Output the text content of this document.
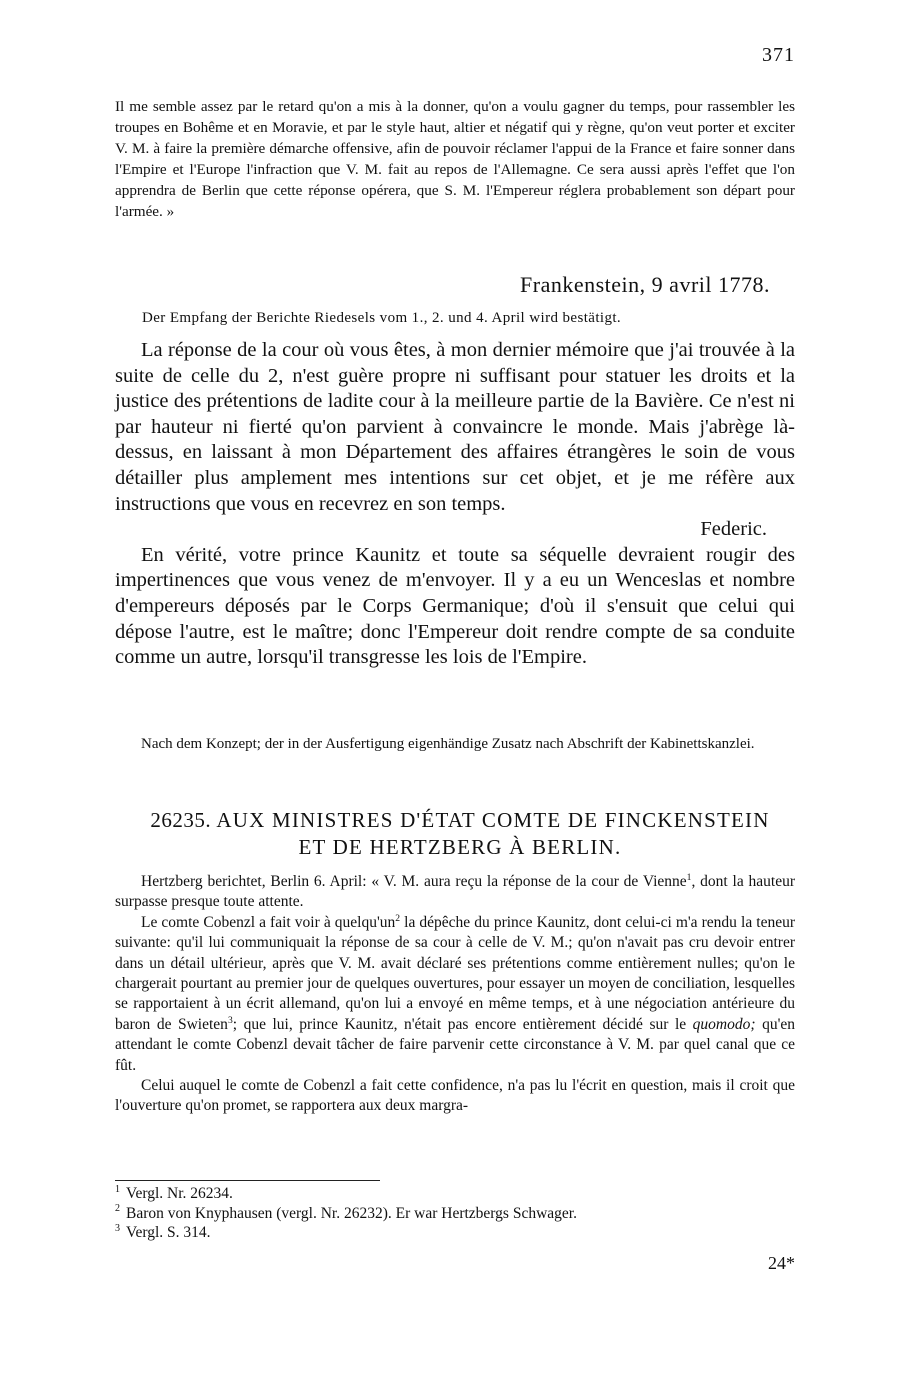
371
Il me semble assez par le retard qu'on a mis à la donner, qu'on a voulu gagner du temps, pour rassembler les troupes en Bohême et en Moravie, et par le style haut, altier et négatif qui y règne, qu'on veut porter et exciter V. M. à faire la première démarche offensive, afin de pouvoir réclamer l'appui de la France et faire sonner dans l'Empire et l'Europe l'infraction que V. M. fait au repos de l'Allemagne. Ce sera aussi après l'effet que l'on apprendra de Berlin que cette réponse opérera, que S. M. l'Empereur réglera probablement son départ pour l'armée. »
Frankenstein, 9 avril 1778.
Der Empfang der Berichte Riedesels vom 1., 2. und 4. April wird bestätigt.

La réponse de la cour où vous êtes, à mon dernier mémoire que j'ai trouvée à la suite de celle du 2, n'est guère propre ni suffisant pour statuer les droits et la justice des prétentions de ladite cour à la meilleure partie de la Bavière. Ce n'est ni par hauteur ni fierté qu'on parvient à convaincre le monde. Mais j'abrège là-dessus, en laissant à mon Département des affaires étrangères le soin de vous détailler plus amplement mes intentions sur cet objet, et je me réfère aux instructions que vous en recevrez en son temps.

Federic.

En vérité, votre prince Kaunitz et toute sa séquelle devraient rougir des impertinences que vous venez de m'envoyer. Il y a eu un Wenceslas et nombre d'empereurs déposés par le Corps Germanique; d'où il s'ensuit que celui qui dépose l'autre, est le maître; donc l'Empereur doit rendre compte de sa conduite comme un autre, lorsqu'il transgresse les lois de l'Empire.

Nach dem Konzept; der in der Ausfertigung eigenhändige Zusatz nach Abschrift der Kabinettskanzlei.
26235. AUX MINISTRES D'ÉTAT COMTE DE FINCKENSTEIN
ET DE HERTZBERG À BERLIN.

Hertzberg berichtet, Berlin 6. April: « V. M. aura reçu la réponse de la cour de Vienne$^1$, dont la hauteur surpasse presque toute attente.

Le comte Cobenzl a fait voir à $quelqu'un^2$ la dépêche du prince Kaunitz, dont celui-ci m'a rendu la teneur suivante: qu'il lui communiquait la réponse de sa cour à celle de V. M.; qu'on n'avait pas cru devoir entrer dans un détail ultérieur, après que V. M. avait déclaré ses prétentions comme entièrement nulles; qu'on le chargerait pourtant au premier jour de quelques ouvertures, pour essayer un moyen de conciliation, lesquelles se rapportaient à un écrit allemand, qu'on lui a envoyé en même temps, et à une négociation antérieure du baron de Swieten$^3$; que lui, prince Kaunitz, n'était pas encore entièrement décidé sur le quomodo; qu'en attendant le comte Cobenzl devait tâcher de faire parvenir cette circonstance à V. M. par quel canal que ce fût.

Celui auquel le comte de Cobenzl a fait cette confidence, n'a pas lu l'écrit en question, mais il croit que l'ouverture qu'on promet, se rapportera aux deux margra-

$^1$ Vergl. Nr. 26234.
$^2$ Baron von Knyphausen (vergl. Nr. 26232). Er war Hertzbergs Schwager.
$^3$ Vergl. S. 314.
24*
